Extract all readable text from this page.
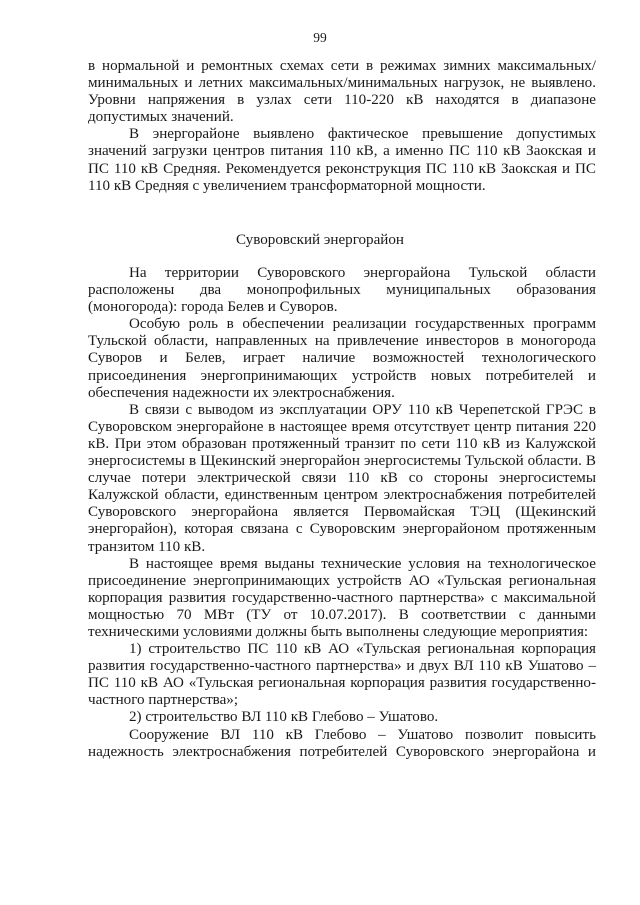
99

в нормальной и ремонтных схемах сети в режимах зимних максимальных/минимальных и летних максимальных/минимальных нагрузок, не выявлено. Уровни напряжения в узлах сети 110-220 кВ находятся в диапазоне допустимых значений.

В энергорайоне выявлено фактическое превышение допустимых значений загрузки центров питания 110 кВ, а именно ПС 110 кВ Заокская и ПС 110 кВ Средняя. Рекомендуется реконструкция ПС 110 кВ Заокская и ПС 110 кВ Средняя с увеличением трансформаторной мощности.

Суворовский энергорайон

На территории Суворовского энергорайона Тульской области расположены два монопрофильных муниципальных образования (моногорода): города Белев и Суворов.

Особую роль в обеспечении реализации государственных программ Тульской области, направленных на привлечение инвесторов в моногорода Суворов и Белев, играет наличие возможностей технологического присоединения энергопринимающих устройств новых потребителей и обеспечения надежности их электроснабжения.

В связи с выводом из эксплуатации ОРУ 110 кВ Черепетской ГРЭС в Суворовском энергорайоне в настоящее время отсутствует центр питания 220 кВ. При этом образован протяженный транзит по сети 110 кВ из Калужской энергосистемы в Щекинский энергорайон энергосистемы Тульской области. В случае потери электрической связи 110 кВ со стороны энергосистемы Калужской области, единственным центром электроснабжения потребителей Суворовского энергорайона является Первомайская ТЭЦ (Щекинский энергорайон), которая связана с Суворовским энергорайоном протяженным транзитом 110 кВ.

В настоящее время выданы технические условия на технологическое присоединение энергопринимающих устройств АО «Тульская региональная корпорация развития государственно-частного партнерства» с максимальной мощностью 70 МВт (ТУ от 10.07.2017). В соответствии с данными техническими условиями должны быть выполнены следующие мероприятия:

1) строительство ПС 110 кВ АО «Тульская региональная корпорация развития государственно-частного партнерства» и двух ВЛ 110 кВ Ушатово – ПС 110 кВ АО «Тульская региональная корпорация развития государственно-частного партнерства»;

2) строительство ВЛ 110 кВ Глебово – Ушатово.

Сооружение ВЛ 110 кВ Глебово – Ушатово позволит повысить надежность электроснабжения потребителей Суворовского энергорайона и
